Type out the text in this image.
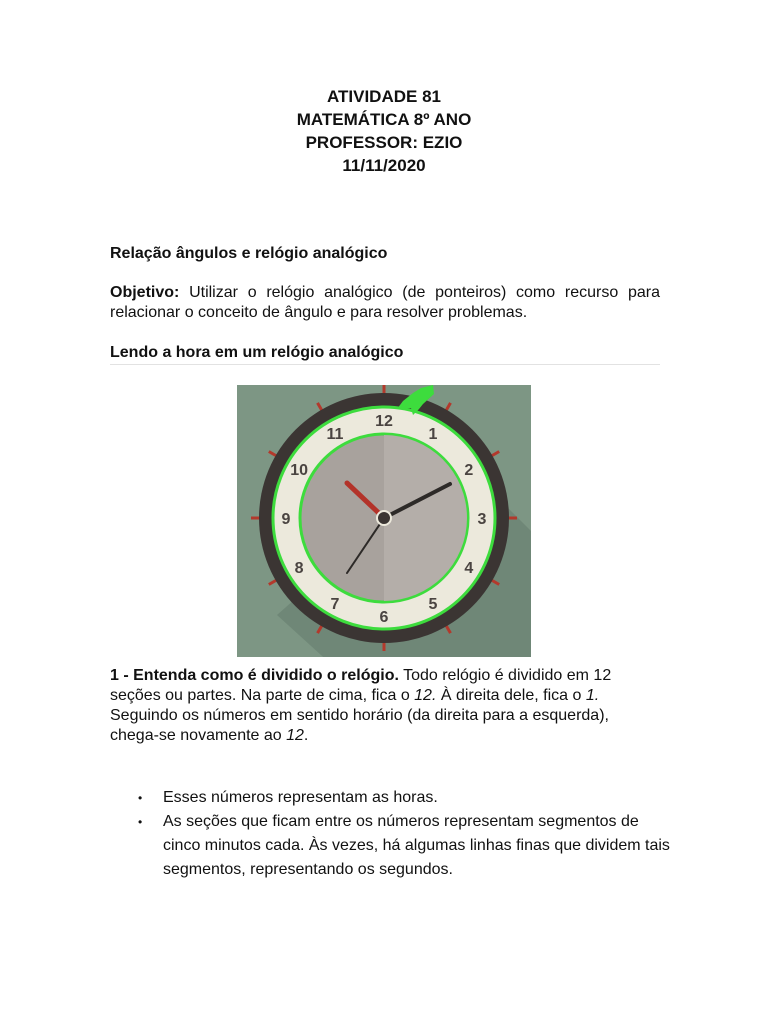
ATIVIDADE 81
MATEMÁTICA 8º ANO
PROFESSOR: EZIO
11/11/2020
Relação ângulos e relógio analógico
Objetivo: Utilizar o relógio analógico (de ponteiros) como recurso para relacionar o conceito de ângulo e para resolver problemas.
Lendo a hora em um relógio analógico
12
1
2
3
4
5
6
7
8
9
10
11
1 - Entenda como é dividido o relógio. Todo relógio é dividido em 12 seções ou partes. Na parte de cima, fica o 12. À direita dele, fica o 1. Seguindo os números em sentido horário (da direita para a esquerda), chega-se novamente ao 12.
• Esses números representam as horas.
• As seções que ficam entre os números representam segmentos de cinco minutos cada. Às vezes, há algumas linhas finas que dividem tais segmentos, representando os segundos.
